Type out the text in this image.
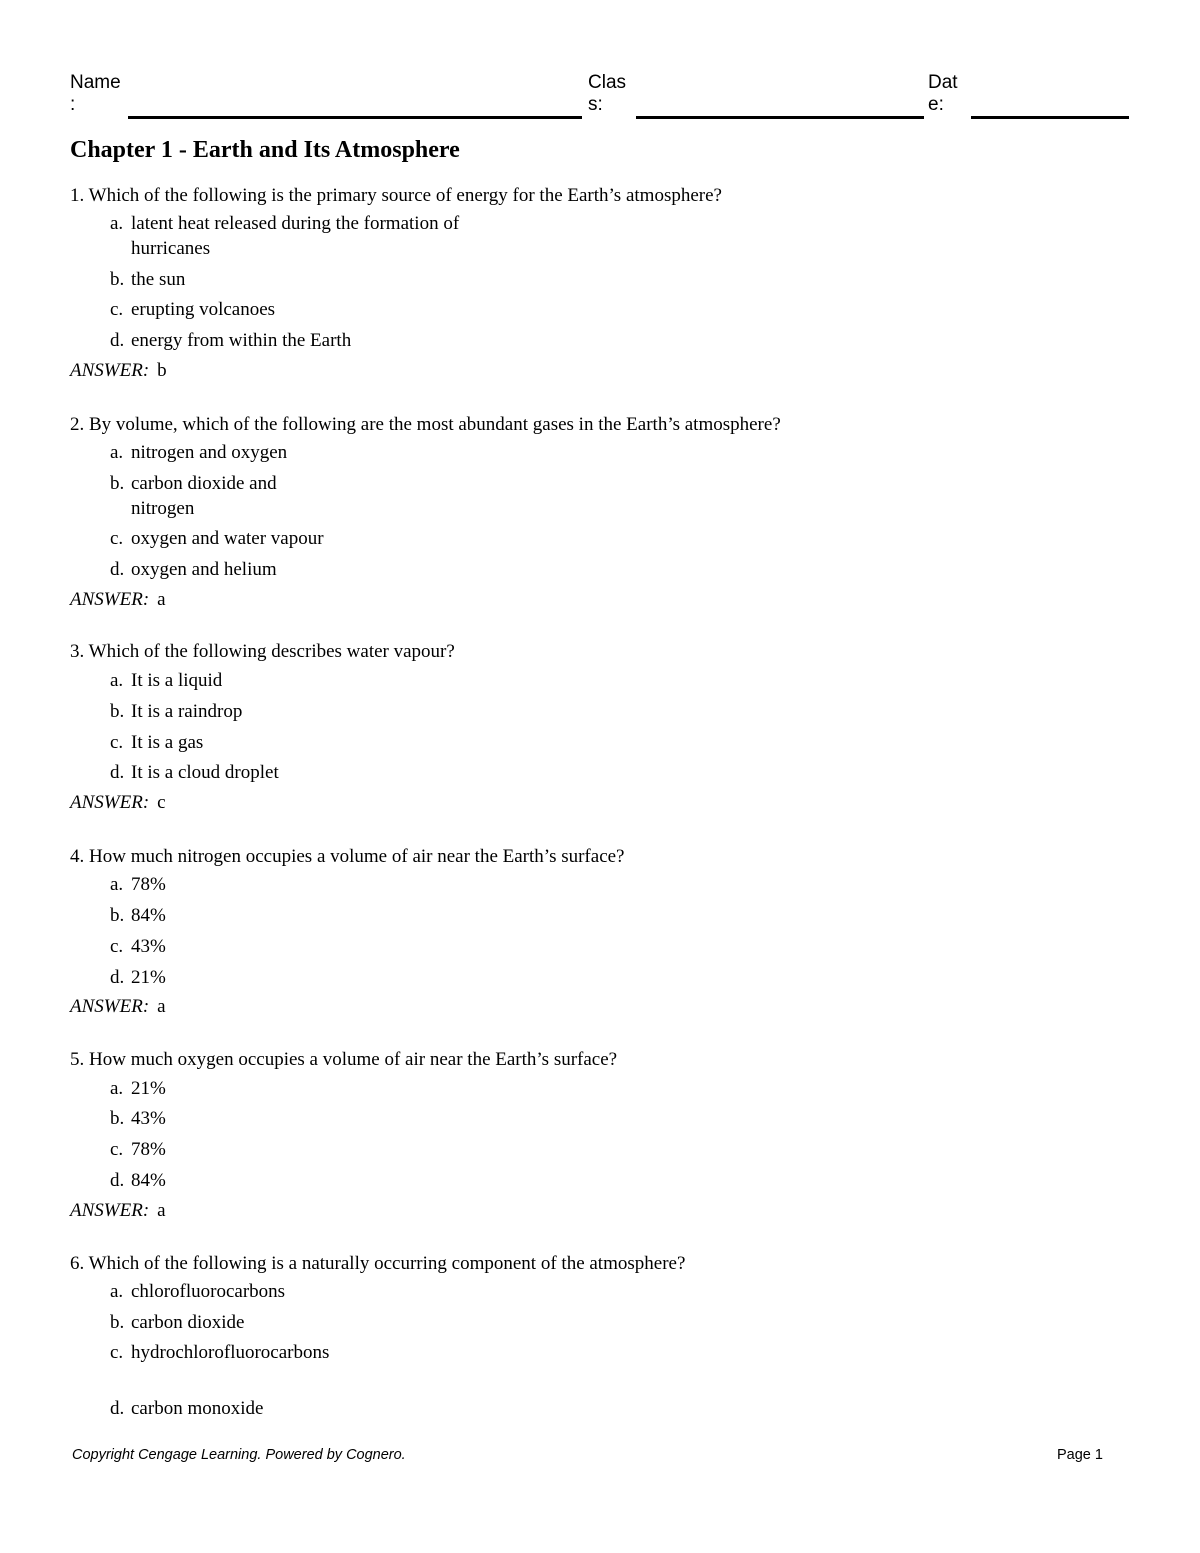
Name
:
Clas
s:
Dat
e:
Chapter 1 - Earth and Its Atmosphere
1. Which of the following is the primary source of energy for the Earth’s atmosphere?
a. latent heat released during the formation of hurricanes
b. the sun
c. erupting volcanoes
d. energy from within the Earth
ANSWER: b
2. By volume, which of the following are the most abundant gases in the Earth’s atmosphere?
a. nitrogen and oxygen
b. carbon dioxide and nitrogen
c. oxygen and water vapour
d. oxygen and helium
ANSWER: a
3. Which of the following describes water vapour?
a. It is a liquid
b. It is a raindrop
c. It is a gas
d. It is a cloud droplet
ANSWER: c
4. How much nitrogen occupies a volume of air near the Earth’s surface?
a. 78%
b. 84%
c. 43%
d. 21%
ANSWER: a
5. How much oxygen occupies a volume of air near the Earth’s surface?
a. 21%
b. 43%
c. 78%
d. 84%
ANSWER: a
6. Which of the following is a naturally occurring component of the atmosphere?
a. chlorofluorocarbons
b. carbon dioxide
c. hydrochlorofluorocarbons
d. carbon monoxide
Copyright Cengage Learning. Powered by Cognero.	Page 1
